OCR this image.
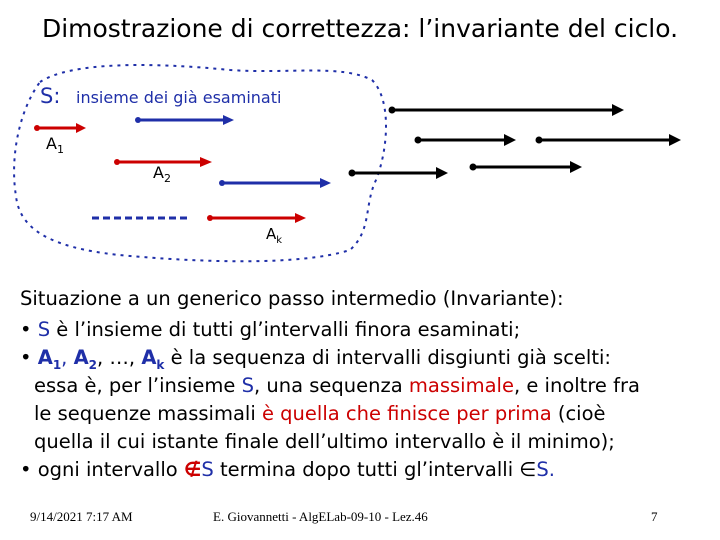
Dimostrazione di correttezza: l’invariante del ciclo.
S: insieme dei già esaminati
$A_1$
$A_2$
$A_k$
Situazione a un generico passo intermedio (Invariante):
• S è l’insieme di tutti gl’intervalli finora esaminati;
• $A_1$, $A_2$, …, $A_k$ è la sequenza di intervalli disgiunti già scelti:
essa è, per l’insieme S, una sequenza massimale, e inoltre fra
le sequenze massimali è quella che finisce per prima (cioè
quella il cui istante finale dell’ultimo intervallo è il minimo);
• ogni intervallo ∉S termina dopo tutti gl’intervalli ∈S.
9/14/2021 7:17 AM	E. Giovannetti - AlgELab-09-10 - Lez.46	7
